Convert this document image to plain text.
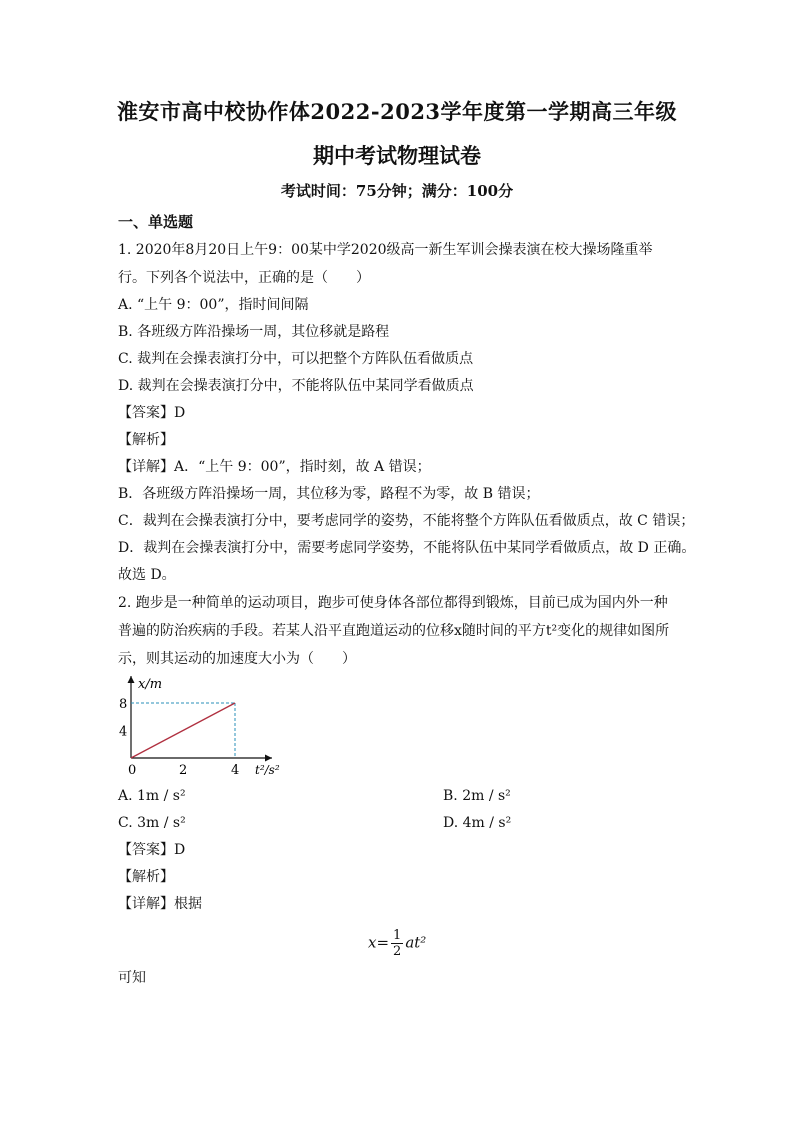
淮安市高中校协作体2022-2023学年度第一学期高三年级
期中考试物理试卷
考试时间：75分钟；满分：100分
一、单选题
1. 2020年8月20日上午9：00某中学2020级高一新生军训会操表演在校大操场隆重举
行。下列各个说法中，正确的是（　　）
A. “上午 9：00”，指时间间隔
B. 各班级方阵沿操场一周，其位移就是路程
C. 裁判在会操表演打分中，可以把整个方阵队伍看做质点
D. 裁判在会操表演打分中，不能将队伍中某同学看做质点
【答案】D
【解析】
【详解】A．“上午 9：00”，指时刻，故 A 错误；
B．各班级方阵沿操场一周，其位移为零，路程不为零，故 B 错误；
C．裁判在会操表演打分中，要考虑同学的姿势，不能将整个方阵队伍看做质点，故 C 错误；
D．裁判在会操表演打分中，需要考虑同学姿势，不能将队伍中某同学看做质点，故 D 正确。
故选 D。
2. 跑步是一种简单的运动项目，跑步可使身体各部位都得到锻炼，目前已成为国内外一种
普遍的防治疾病的手段。若某人沿平直跑道运动的位移x随时间的平方t²变化的规律如图所
示，则其运动的加速度大小为（　　）
0	2	4
4
8
x/m
t²/s²
A. 1m / s²	B. 2m / s²
C. 3m / s²	D. 4m / s²
【答案】D
【解析】
【详解】根据
$x= \frac{1}{2} at^2$
可知
